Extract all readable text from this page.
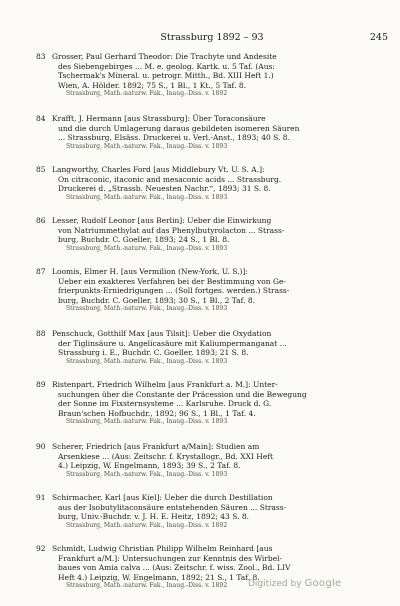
Strassburg 1892 – 93	245
83 Grosser, Paul Gerhard Theodor: Die Trachyte und Andesite
des Siebengebirges ... M. e. geolog. Kartk. u. 5 Taf. (Aus:
Tschermak's Mineral. u. petrogr. Mitth., Bd. XIII Heft 1.)
Wien, A. Hölder. 1892; 75 S., 1 Bl., 1 Kt., 5 Taf. 8.
Strassburg, Math.-naturw. Fak., Inaug.-Diss. v. 1892
84 Krafft, J. Hermann [aus Strassburg]: Über Toraconsäure
und die durch Umlagerung daraus gebildeten isomeren Säuren
... Strassburg, Elsäss. Druckerei u. Verl.-Anst., 1893; 40 S. 8.
Strassburg, Math.-naturw. Fak., Inaug.-Diss. v. 1893
85 Langworthy, Charles Ford [aus Middlebury Vt. U. S. A.]:
On citraconic, itaconic and mesaconic acids ... Strassburg.
Druckerei d. „Strassb. Neuesten Nachr.“, 1893; 31 S. 8.
Strassburg, Math.-naturw. Fak., Inaug.-Diss. v. 1893
86 Lesser, Rudolf Leonor [aus Berlin]: Ueber die Einwirkung
von Natriummethylat auf das Phenylbutyrolacton ... Strass-
burg, Buchdr. C. Goeller, 1893; 24 S., 1 Bl. 8.
Strassburg, Math.-naturw. Fak., Inaug.-Diss. v. 1893
87 Loomis, Elmer H. [aus Vermilion (New-York, U. S.)]:
Ueber ein exakteres Verfahren bei der Bestimmung von Ge-
frierpunkts-Erniedrigungen ... (Soll fortges. werden.) Strass-
burg, Buchdr. C. Goeller, 1893; 30 S., 1 Bl., 2 Taf. 8.
Strassburg, Math.-naturw. Fak., Inaug.-Diss. v. 1893
88 Penschuck, Gotthilf Max [aus Tilsit]: Ueber die Oxydation
der Tiglinsäure u. Angelicasäure mit Kaliumpermanganat ...
Strassburg i. E., Buchdr. C. Goeller, 1893; 21 S. 8.
Strassburg, Math.-naturw. Fak., Inaug.-Diss. v. 1893
89 Ristenpart, Friedrich Wilhelm [aus Frankfurt a. M.]: Unter-
suchungen über die Constante der Präcession und die Bewegung
der Sonne im Fixsternsysteme ... Karlsruhe. Druck d. G.
Braun'schen Hofbuchdr., 1892; 96 S., 1 Bl., 1 Taf. 4.
Strassburg, Math.-naturw. Fak., Inaug.-Diss. v. 1893
90 Scherer, Friedrich [aus Frankfurt a/Main]: Studien am
Arsenkiese ... (Aus: Zeitschr. f. Krystallogr., Bd. XXI Heft
4.) Leipzig, W. Engelmann, 1893; 39 S., 2 Taf. 8.
Strassburg, Math.-naturw. Fak., Inaug.-Diss. v. 1893
91 Schirmacher, Karl [aus Kiel]: Ueber die durch Destillation
aus der Isobutylitaconsäure entstehenden Säuren ... Strass-
burg, Univ.-Buchdr. v. J. H. E. Heitz, 1892; 43 S. 8.
Strassburg, Math.-naturw. Fak., Inaug.-Diss. v. 1892
92 Schmidt, Ludwig Christian Philipp Wilhelm Reinhard [aus
Frankfurt a/M.]: Untersuchungen zur Kenntnis des Wirbel-
baues von Amia calva ... (Aus: Zeitschr. f. wiss. Zool., Bd. LIV
Heft 4.) Leipzig, W. Engelmann, 1892; 21 S., 1 Taf. 8.
Strassburg, Math.-naturw. Fak., Inaug.-Diss. v. 1892	Digitized by Google
